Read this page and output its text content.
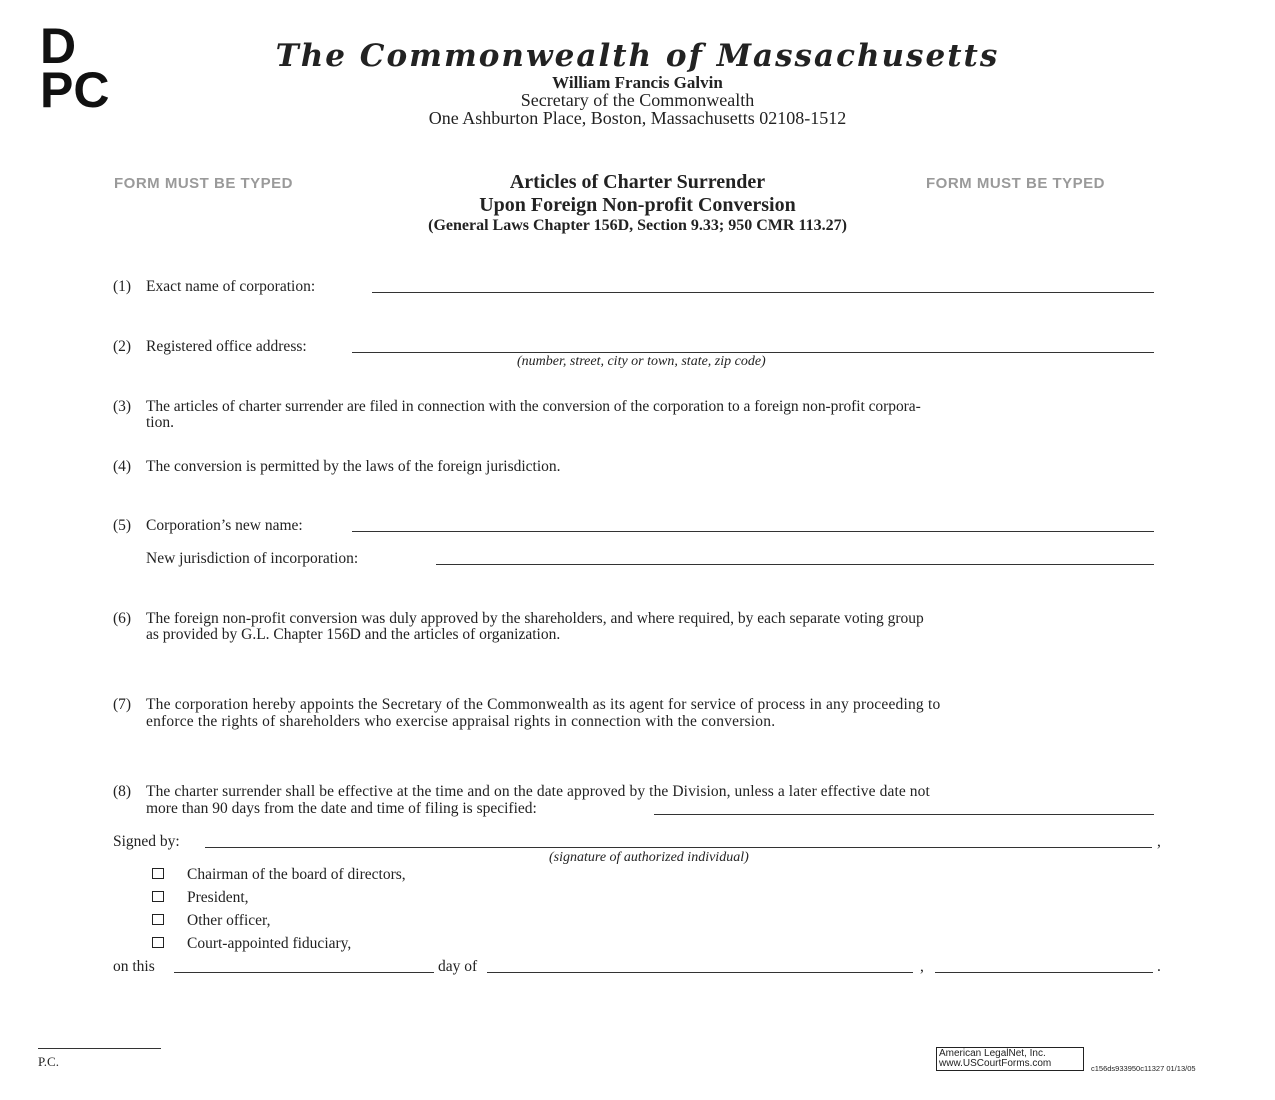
D
PC
The Commonwealth of Massachusetts
William Francis Galvin
Secretary of the Commonwealth
One Ashburton Place, Boston, Massachusetts 02108-1512
FORM MUST BE TYPED	FORM MUST BE TYPED
Articles of Charter Surrender
Upon Foreign Non-profit Conversion
(General Laws Chapter 156D, Section 9.33; 950 CMR 113.27)
(1) Exact name of corporation:
(2) Registered office address:
(number, street, city or town, state, zip code)
(3) The articles of charter surrender are filed in connection with the conversion of the corporation to a foreign non-profit corpora-
tion.
(4) The conversion is permitted by the laws of the foreign jurisdiction.
(5) Corporation’s new name:
New jurisdiction of incorporation:
(6) The foreign non-profit conversion was duly approved by the shareholders, and where required, by each separate voting group
as provided by G.L. Chapter 156D and the articles of organization.
(7) The corporation hereby appoints the Secretary of the Commonwealth as its agent for service of process in any proceeding to
enforce the rights of shareholders who exercise appraisal rights in connection with the conversion.
(8) The charter surrender shall be effective at the time and on the date approved by the Division, unless a later effective date not
more than 90 days from the date and time of filing is specified:
Signed by:	,
(signature of authorized individual)
Chairman of the board of directors,
President,
Other officer,
Court-appointed fiduciary,
on this	day of	,	.
P.C.
American LegalNet, Inc.
www.USCourtForms.com	c156ds933950c11327 01/13/05
